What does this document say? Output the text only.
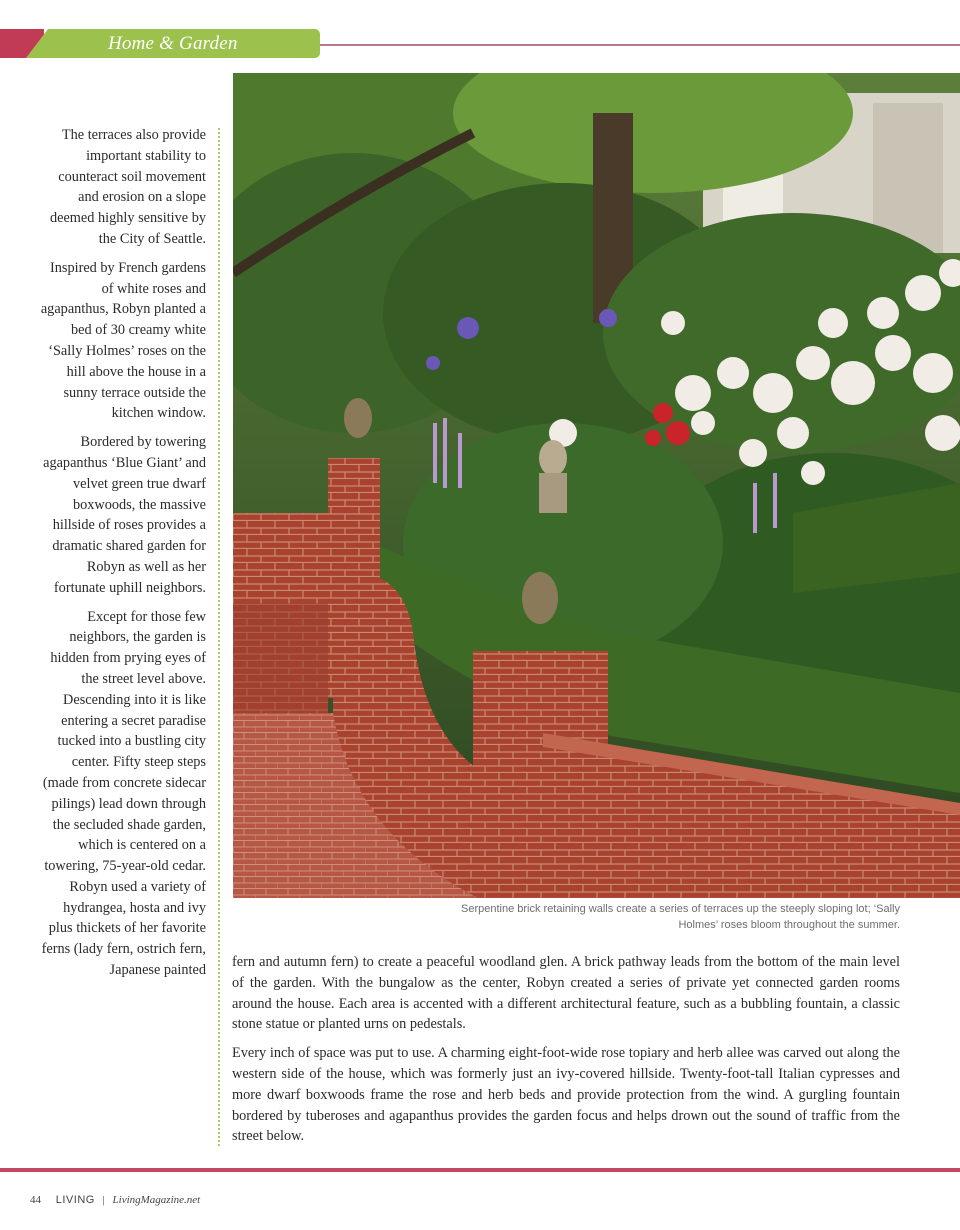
Home & Garden

The terraces also provide important stability to counteract soil movement and erosion on a slope deemed highly sensitive by the City of Seattle.

Inspired by French gardens of white roses and agapanthus, Robyn planted a bed of 30 creamy white ‘Sally Holmes’ roses on the hill above the house in a sunny terrace outside the kitchen window.

Bordered by towering agapanthus ‘Blue Giant’ and velvet green true dwarf boxwoods, the massive hillside of roses provides a dramatic shared garden for Robyn as well as her fortunate uphill neighbors.

Except for those few neighbors, the garden is hidden from prying eyes of the street level above. Descending into it is like entering a secret paradise tucked into a bustling city center. Fifty steep steps (made from concrete sidecar pilings) lead down through the secluded shade garden, which is centered on a towering, 75-year-old cedar. Robyn used a variety of hydrangea, hosta and ivy plus thickets of her favorite ferns (lady fern, ostrich fern, Japanese painted

Serpentine brick retaining walls create a series of terraces up the steeply sloping lot; ‘Sally Holmes’ roses bloom throughout the summer.

fern and autumn fern) to create a peaceful woodland glen. A brick pathway leads from the bottom of the main level of the garden. With the bungalow as the center, Robyn created a series of private yet connected garden rooms around the house. Each area is accented with a different architectural feature, such as a bubbling fountain, a classic stone statue or planted urns on pedestals.

Every inch of space was put to use. A charming eight-foot-wide rose topiary and herb allee was carved out along the western side of the house, which was formerly just an ivy-covered hillside. Twenty-foot-tall Italian cypresses and more dwarf boxwoods frame the rose and herb beds and provide protection from the wind. A gurgling fountain bordered by tuberoses and agapanthus provides the garden focus and helps drown out the sound of traffic from the street below.

44 LIVING | LivingMagazine.net
